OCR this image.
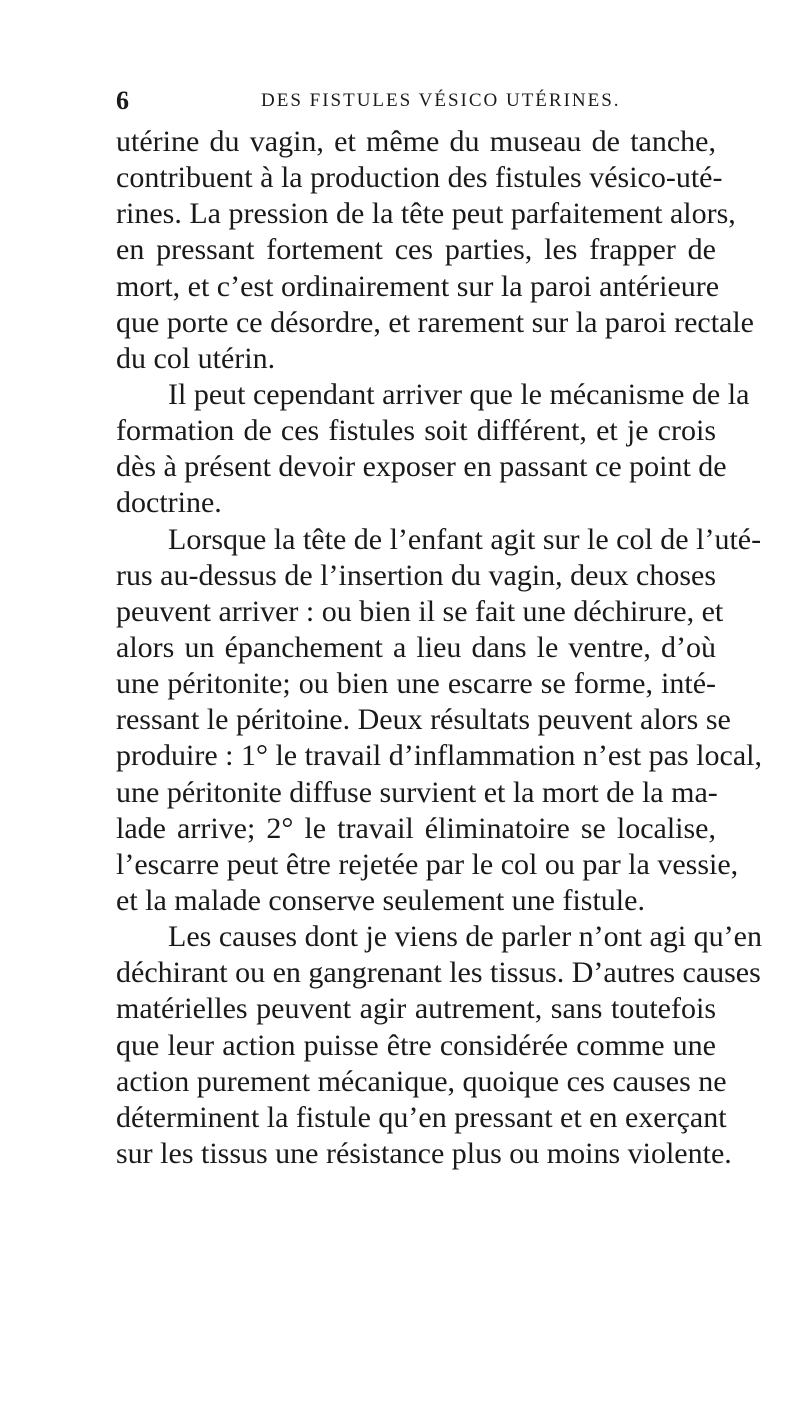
6	DES FISTULES VÉSICO UTÉRINES.
utérine du vagin, et même du museau de tanche,
contribuent à la production des fistules vésico-uté-
rines. La pression de la tête peut parfaitement alors,
en pressant fortement ces parties, les frapper de
mort, et c’est ordinairement sur la paroi antérieure
que porte ce désordre, et rarement sur la paroi rectale
du col utérin.
Il peut cependant arriver que le mécanisme de la
formation de ces fistules soit différent, et je crois
dès à présent devoir exposer en passant ce point de
doctrine.
Lorsque la tête de l’enfant agit sur le col de l’uté-
rus au-dessus de l’insertion du vagin, deux choses
peuvent arriver : ou bien il se fait une déchirure, et
alors un épanchement a lieu dans le ventre, d’où
une péritonite; ou bien une escarre se forme, inté-
ressant le péritoine. Deux résultats peuvent alors se
produire : 1° le travail d’inflammation n’est pas local,
une péritonite diffuse survient et la mort de la ma-
lade arrive; 2° le travail éliminatoire se localise,
l’escarre peut être rejetée par le col ou par la vessie,
et la malade conserve seulement une fistule.
Les causes dont je viens de parler n’ont agi qu’en
déchirant ou en gangrenant les tissus. D’autres causes
matérielles peuvent agir autrement, sans toutefois
que leur action puisse être considérée comme une
action purement mécanique, quoique ces causes ne
déterminent la fistule qu’en pressant et en exerçant
sur les tissus une résistance plus ou moins violente.
